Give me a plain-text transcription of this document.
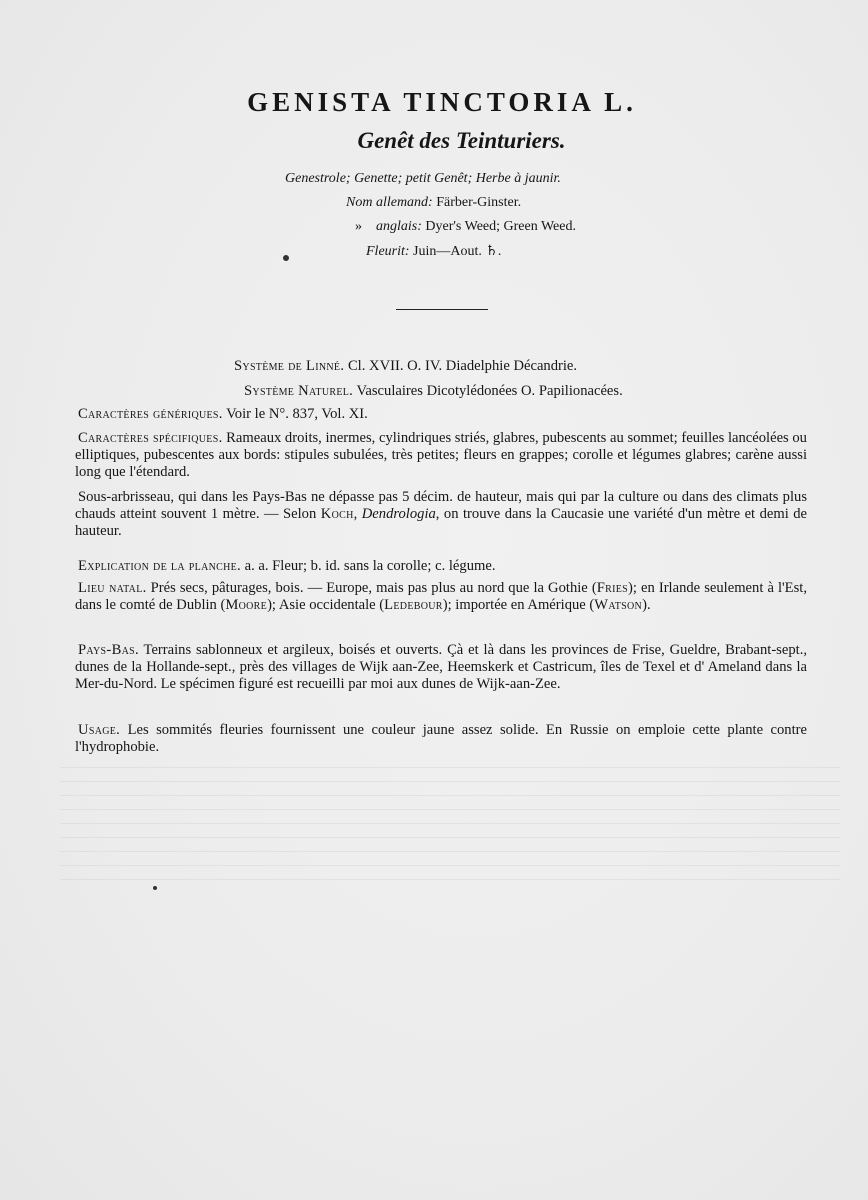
GENISTA TINCTORIA L.
Genêt des Teinturiers.
Genestrole; Genette; petit Genêt; Herbe à jaunir.
Nom allemand: Färber-Ginster.
» anglais: Dyer's Weed; Green Weed.
Fleurit: Juin—Aout. ♄.
Système de Linné. Cl. XVII. O. IV. Diadelphie Décandrie.
Système Naturel. Vasculaires Dicotylédonées O. Papilionacées.
Caractères génériques. Voir le N°. 837, Vol. XI.
Caractères spécifiques. Rameaux droits, inermes, cylindriques striés, glabres, pubescents au sommet; feuilles lancéolées ou elliptiques, pubescentes aux bords: stipules subulées, très petites; fleurs en grappes; corolle et légumes glabres; carène aussi long que l'étendard.
Sous-arbrisseau, qui dans les Pays-Bas ne dépasse pas 5 décim. de hauteur, mais qui par la culture ou dans des climats plus chauds atteint souvent 1 mètre. — Selon Koch, Dendrologia, on trouve dans la Caucasie une variété d'un mètre et demi de hauteur.
Explication de la planche. a. a. Fleur; b. id. sans la corolle; c. légume.
Lieu natal. Prés secs, pâturages, bois. — Europe, mais pas plus au nord que la Gothie (Fries); en Irlande seulement à l'Est, dans le comté de Dublin (Moore); Asie occidentale (Ledebour); importée en Amérique (Watson).
Pays-Bas. Terrains sablonneux et argileux, boisés et ouverts. Çà et là dans les provinces de Frise, Gueldre, Brabant-sept., dunes de la Hollande-sept., près des villages de Wijk aan-Zee, Heemskerk et Castricum, îles de Texel et d' Ameland dans la Mer-du-Nord. Le spécimen figuré est recueilli par moi aux dunes de Wijk-aan-Zee.
Usage. Les sommités fleuries fournissent une couleur jaune assez solide. En Russie on emploie cette plante contre l'hydrophobie.
